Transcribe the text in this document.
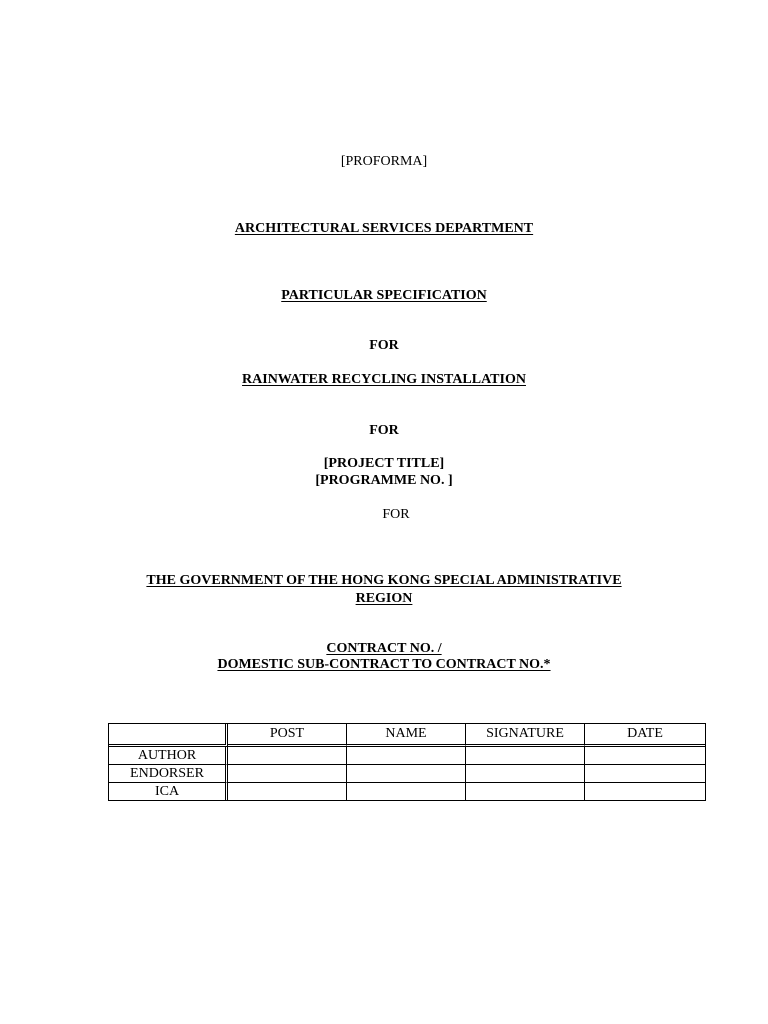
[PROFORMA]
ARCHITECTURAL SERVICES DEPARTMENT
PARTICULAR SPECIFICATION
FOR
RAINWATER RECYCLING INSTALLATION
FOR
[PROJECT TITLE]
[PROGRAMME NO. ]
FOR
THE GOVERNMENT OF THE HONG KONG SPECIAL ADMINISTRATIVE
REGION
CONTRACT NO. /
DOMESTIC SUB-CONTRACT TO CONTRACT NO.*
	POST	NAME	SIGNATURE	DATE
AUTHOR				
ENDORSER				
ICA				
